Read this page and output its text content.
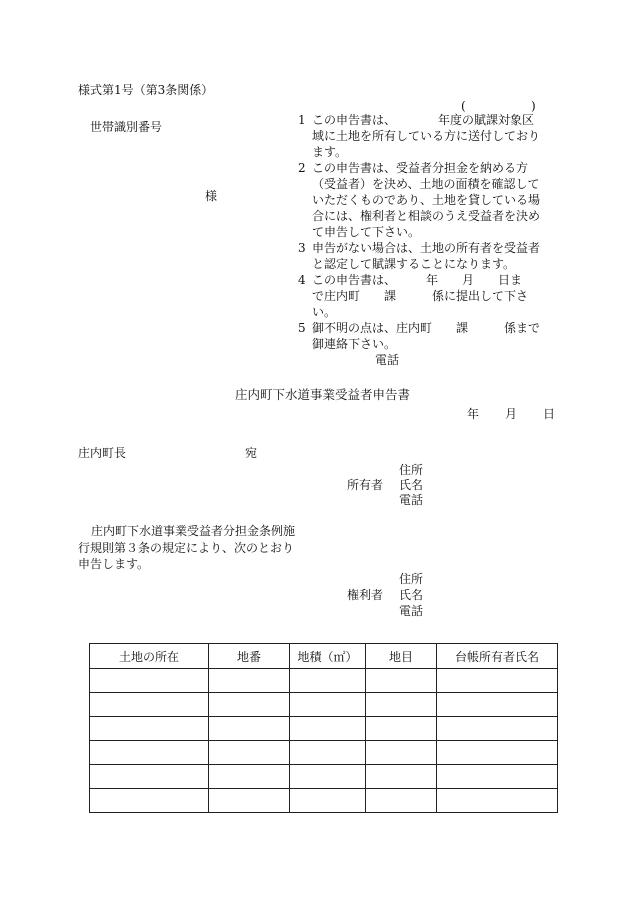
様式第1号（第3条関係）
(	)
世帯識別番号
様
1 この申告書は、　　　　年度の賦課対象区
域に土地を所有している方に送付しており
ます。
2 この申告書は、受益者分担金を納める方
（受益者）を決め、土地の面積を確認して
いただくものであり、土地を貸している場
合には、権利者と相談のうえ受益者を決め
て申告して下さい。
3 申告がない場合は、土地の所有者を受益者
と認定して賦課することになります。
4 この申告書は、　　　年　　月　　日ま
で庄内町　　課　　　係に提出して下さ
い。
5 御不明の点は、庄内町　　課　　　係まで
御連絡下さい。
電話
庄内町下水道事業受益者申告書
年 月 日
庄内町長	宛
住所
所有者 氏名
電話
庄内町下水道事業受益者分担金条例施
行規則第３条の規定により、次のとおり
申告します。
住所
権利者 氏名
電話
土地の所在	地番	地積（㎡）	地目	台帳所有者氏名
